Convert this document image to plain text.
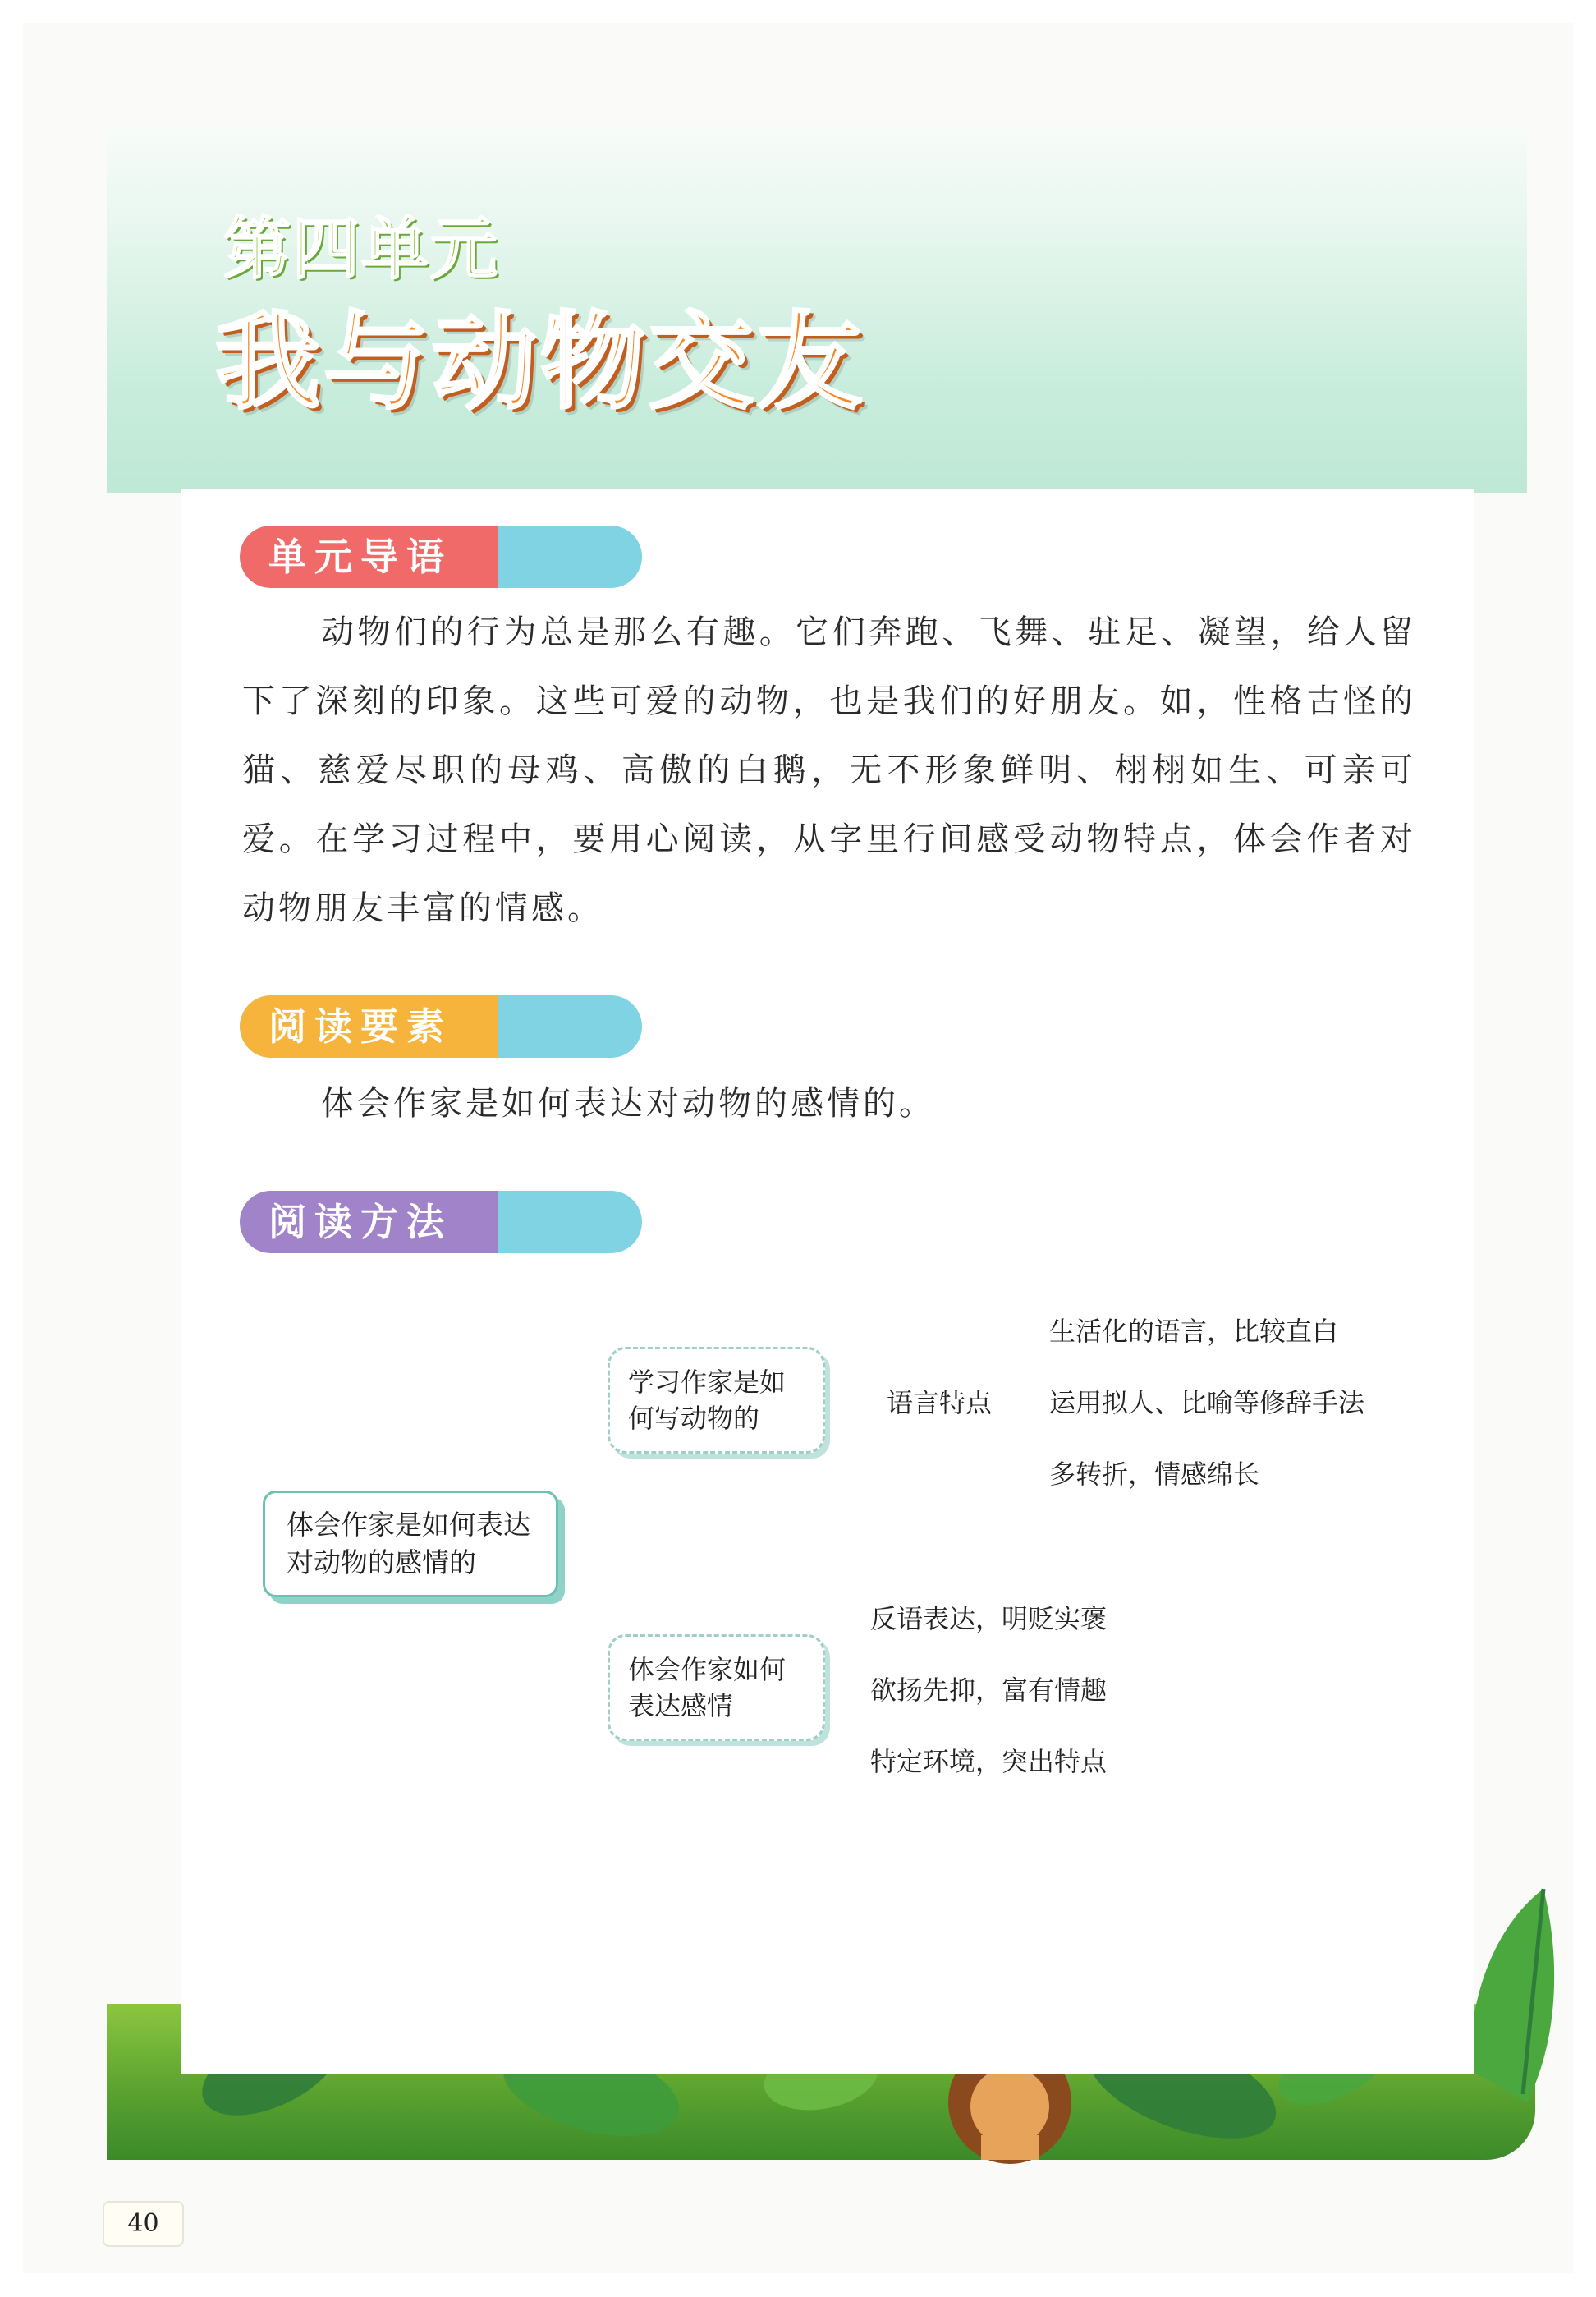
第四单元
我与动物交友
单元导语
动物们的行为总是那么有趣。它们奔跑、飞舞、驻足、凝望，给人留下了深刻的印象。这些可爱的动物，也是我们的好朋友。如，性格古怪的猫、慈爱尽职的母鸡、高傲的白鹅，无不形象鲜明、栩栩如生、可亲可爱。在学习过程中，要用心阅读，从字里行间感受动物特点，体会作者对动物朋友丰富的情感。
阅读要素
体会作家是如何表达对动物的感情的。
阅读方法
体会作家是如何表达对动物的感情的
学习作家是如何写动物的	语言特点
生活化的语言，比较直白
运用拟人、比喻等修辞手法
多转折，情感绵长
体会作家如何表达感情
反语表达，明贬实褒
欲扬先抑，富有情趣
特定环境，突出特点
40
